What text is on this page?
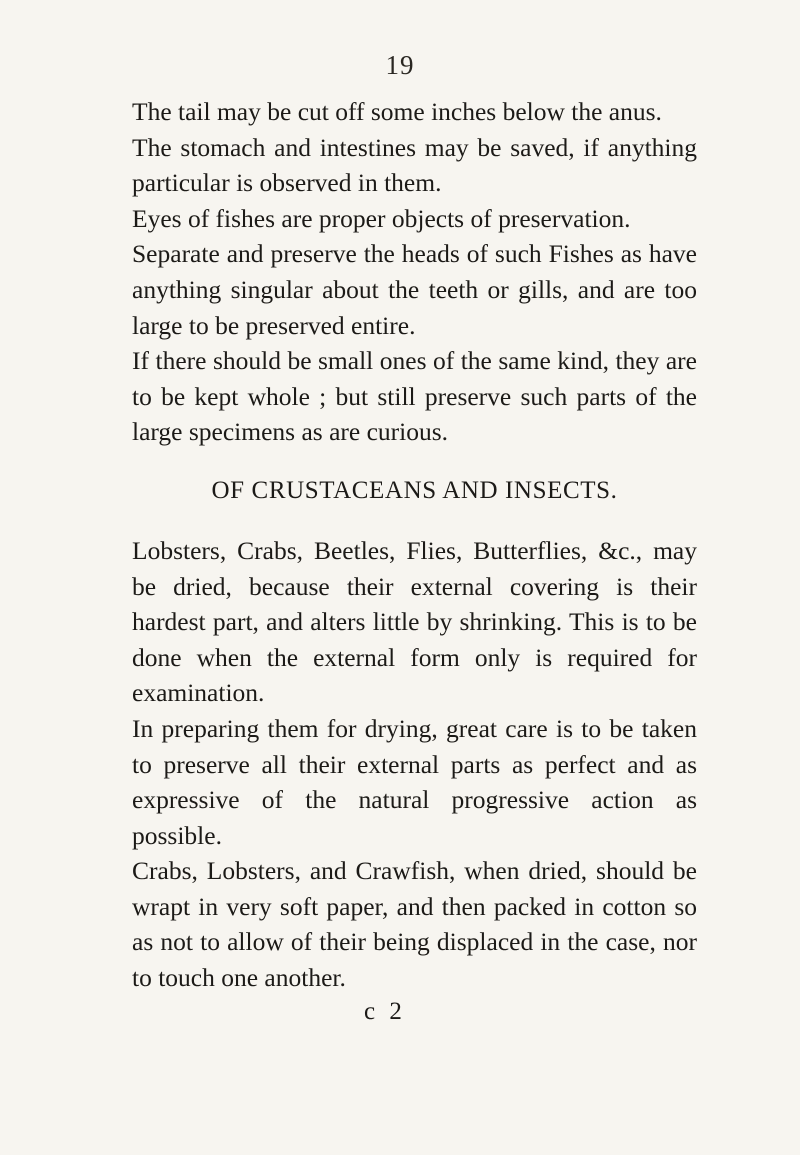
19

The tail may be cut off some inches below the anus.

The stomach and intestines may be saved, if anything particular is observed in them.

Eyes of fishes are proper objects of preservation.

Separate and preserve the heads of such Fishes as have anything singular about the teeth or gills, and are too large to be preserved entire.

If there should be small ones of the same kind, they are to be kept whole ; but still preserve such parts of the large specimens as are curious.

OF CRUSTACEANS AND INSECTS.

Lobsters, Crabs, Beetles, Flies, Butterflies, &c., may be dried, because their external covering is their hardest part, and alters little by shrinking. This is to be done when the external form only is required for examination.

In preparing them for drying, great care is to be taken to preserve all their external parts as perfect and as expressive of the natural progressive action as possible.

Crabs, Lobsters, and Crawfish, when dried, should be wrapt in very soft paper, and then packed in cotton so as not to allow of their being displaced in the case, nor to touch one another.

c 2
